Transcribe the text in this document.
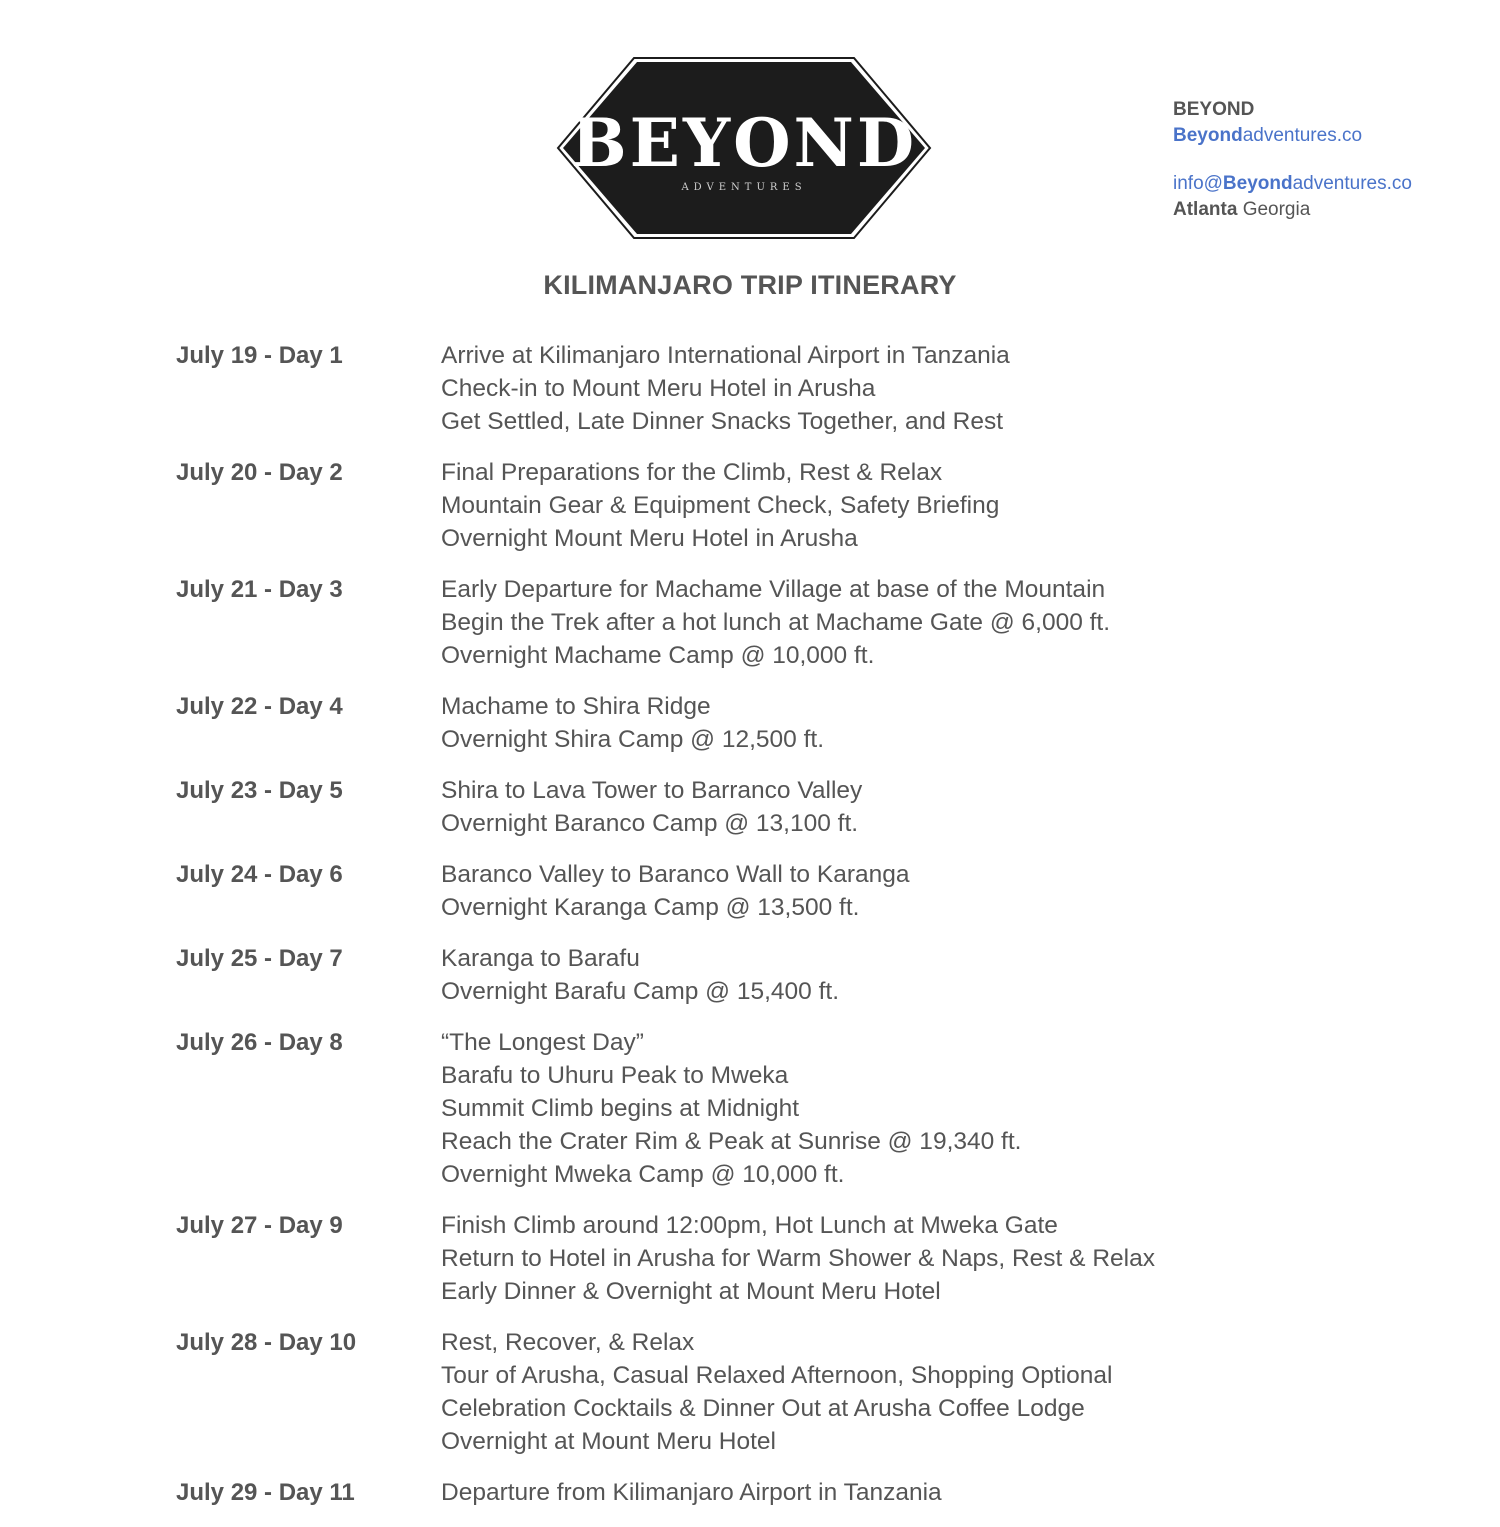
BEYOND
ADVENTURES
BEYOND
Beyondadventures.co
info@Beyondadventures.co
Atlanta Georgia
KILIMANJARO TRIP ITINERARY
July 19 - Day 1	Arrive at Kilimanjaro International Airport in Tanzania
Check-in to Mount Meru Hotel in Arusha
Get Settled, Late Dinner Snacks Together, and Rest
July 20 - Day 2	Final Preparations for the Climb, Rest & Relax
Mountain Gear & Equipment Check, Safety Briefing
Overnight Mount Meru Hotel in Arusha
July 21 - Day 3	Early Departure for Machame Village at base of the Mountain
Begin the Trek after a hot lunch at Machame Gate @ 6,000 ft.
Overnight Machame Camp @ 10,000 ft.
July 22 - Day 4	Machame to Shira Ridge
Overnight Shira Camp @ 12,500 ft.
July 23 - Day 5	Shira to Lava Tower to Barranco Valley
Overnight Baranco Camp @ 13,100 ft.
July 24 - Day 6	Baranco Valley to Baranco Wall to Karanga
Overnight Karanga Camp @ 13,500 ft.
July 25 - Day 7	Karanga to Barafu
Overnight Barafu Camp @ 15,400 ft.
July 26 - Day 8	“The Longest Day”
Barafu to Uhuru Peak to Mweka
Summit Climb begins at Midnight
Reach the Crater Rim & Peak at Sunrise @ 19,340 ft.
Overnight Mweka Camp @ 10,000 ft.
July 27 - Day 9	Finish Climb around 12:00pm, Hot Lunch at Mweka Gate
Return to Hotel in Arusha for Warm Shower & Naps, Rest & Relax
Early Dinner & Overnight at Mount Meru Hotel
July 28 - Day 10	Rest, Recover, & Relax
Tour of Arusha, Casual Relaxed Afternoon, Shopping Optional
Celebration Cocktails & Dinner Out at Arusha Coffee Lodge
Overnight at Mount Meru Hotel
July 29 - Day 11	Departure from Kilimanjaro Airport in Tanzania
